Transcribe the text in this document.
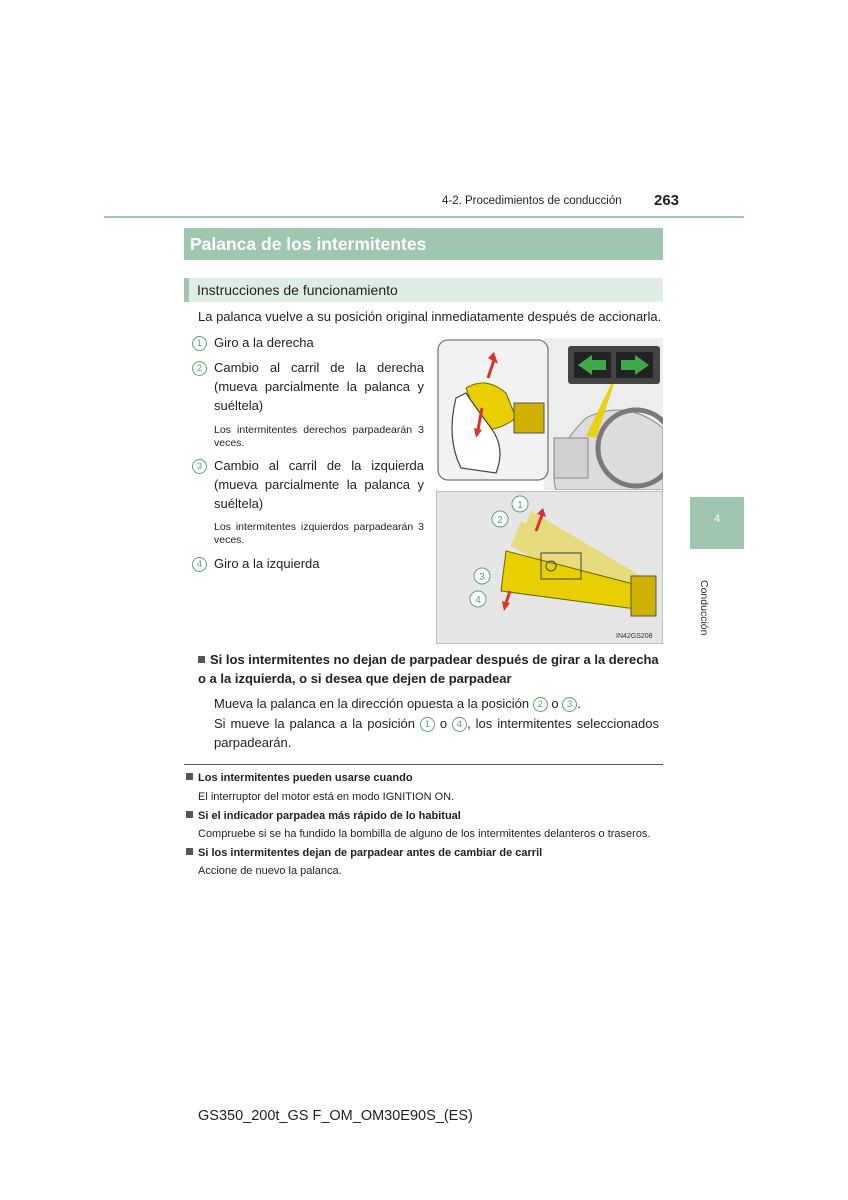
4-2. Procedimientos de conducción 263
Palanca de los intermitentes
Instrucciones de funcionamiento
La palanca vuelve a su posición original inmediatamente después de accionarla.
1 Giro a la derecha
2 Cambio al carril de la derecha (mueva parcialmente la palanca y suéltela)
Los intermitentes derechos parpadearán 3 veces.
3 Cambio al carril de la izquierda (mueva parcialmente la palanca y suéltela)
Los intermitentes izquierdos parpadearán 3 veces.
4 Giro a la izquierda
IN42GS208
1
2
3
4
4
Conducción
Si los intermitentes no dejan de parpadear después de girar a la derecha o a la izquierda, o si desea que dejen de parpadear
Mueva la palanca en la dirección opuesta a la posición 2 o 3 .
Si mueve la palanca a la posición 1 o 4 , los intermitentes seleccionados parpadearán.
Los intermitentes pueden usarse cuando
El interruptor del motor está en modo IGNITION ON.
Si el indicador parpadea más rápido de lo habitual
Compruebe si se ha fundido la bombilla de alguno de los intermitentes delanteros o traseros.
Si los intermitentes dejan de parpadear antes de cambiar de carril
Accione de nuevo la palanca.
GS350_200t_GS F_OM_OM30E90S_(ES)
